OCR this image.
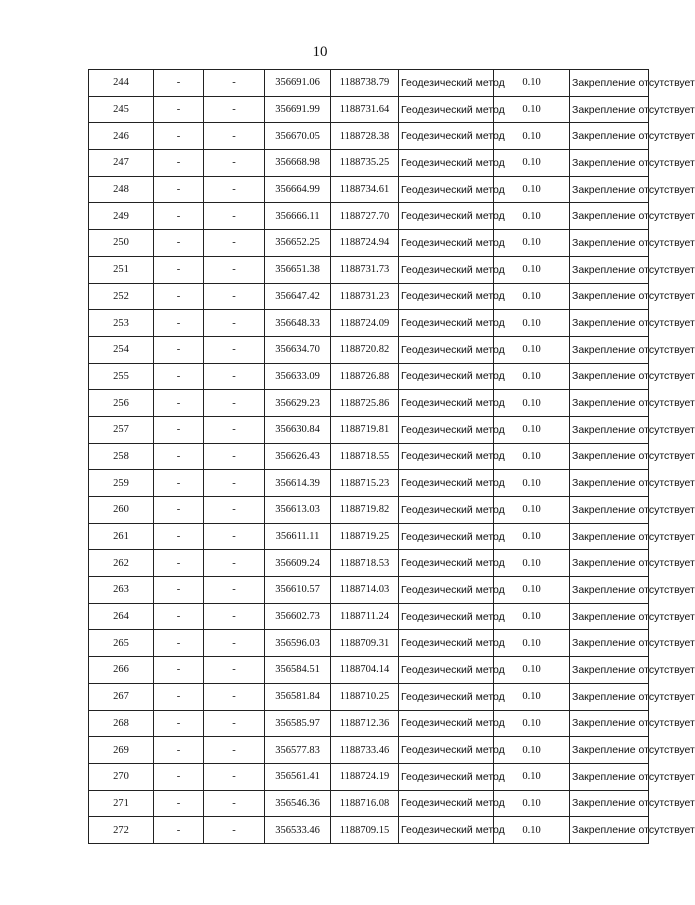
10
244	-	-	356691.06	1188738.79	Геодезический метод	0.10	Закрепление отсутствует
245	-	-	356691.99	1188731.64	Геодезический метод	0.10	Закрепление отсутствует
246	-	-	356670.05	1188728.38	Геодезический метод	0.10	Закрепление отсутствует
247	-	-	356668.98	1188735.25	Геодезический метод	0.10	Закрепление отсутствует
248	-	-	356664.99	1188734.61	Геодезический метод	0.10	Закрепление отсутствует
249	-	-	356666.11	1188727.70	Геодезический метод	0.10	Закрепление отсутствует
250	-	-	356652.25	1188724.94	Геодезический метод	0.10	Закрепление отсутствует
251	-	-	356651.38	1188731.73	Геодезический метод	0.10	Закрепление отсутствует
252	-	-	356647.42	1188731.23	Геодезический метод	0.10	Закрепление отсутствует
253	-	-	356648.33	1188724.09	Геодезический метод	0.10	Закрепление отсутствует
254	-	-	356634.70	1188720.82	Геодезический метод	0.10	Закрепление отсутствует
255	-	-	356633.09	1188726.88	Геодезический метод	0.10	Закрепление отсутствует
256	-	-	356629.23	1188725.86	Геодезический метод	0.10	Закрепление отсутствует
257	-	-	356630.84	1188719.81	Геодезический метод	0.10	Закрепление отсутствует
258	-	-	356626.43	1188718.55	Геодезический метод	0.10	Закрепление отсутствует
259	-	-	356614.39	1188715.23	Геодезический метод	0.10	Закрепление отсутствует
260	-	-	356613.03	1188719.82	Геодезический метод	0.10	Закрепление отсутствует
261	-	-	356611.11	1188719.25	Геодезический метод	0.10	Закрепление отсутствует
262	-	-	356609.24	1188718.53	Геодезический метод	0.10	Закрепление отсутствует
263	-	-	356610.57	1188714.03	Геодезический метод	0.10	Закрепление отсутствует
264	-	-	356602.73	1188711.24	Геодезический метод	0.10	Закрепление отсутствует
265	-	-	356596.03	1188709.31	Геодезический метод	0.10	Закрепление отсутствует
266	-	-	356584.51	1188704.14	Геодезический метод	0.10	Закрепление отсутствует
267	-	-	356581.84	1188710.25	Геодезический метод	0.10	Закрепление отсутствует
268	-	-	356585.97	1188712.36	Геодезический метод	0.10	Закрепление отсутствует
269	-	-	356577.83	1188733.46	Геодезический метод	0.10	Закрепление отсутствует
270	-	-	356561.41	1188724.19	Геодезический метод	0.10	Закрепление отсутствует
271	-	-	356546.36	1188716.08	Геодезический метод	0.10	Закрепление отсутствует
272	-	-	356533.46	1188709.15	Геодезический метод	0.10	Закрепление отсутствует
